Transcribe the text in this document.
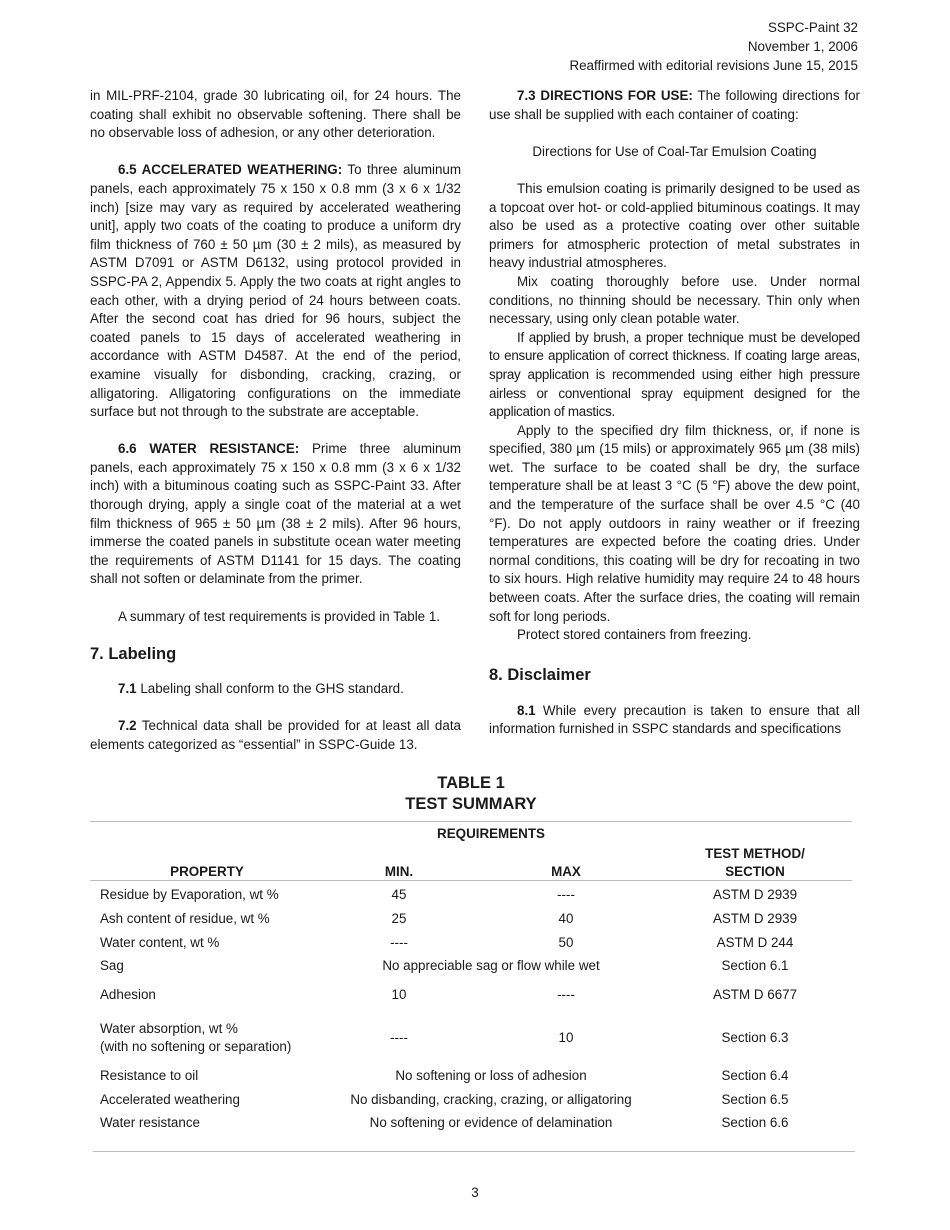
SSPC-Paint 32
November 1, 2006
Reaffirmed with editorial revisions June 15, 2015

in MIL-PRF-2104, grade 30 lubricating oil, for 24 hours. The coating shall exhibit no observable softening. There shall be no observable loss of adhesion, or any other deterioration.

6.5 ACCELERATED WEATHERING: To three aluminum panels, each approximately 75 x 150 x 0.8 mm (3 x 6 x 1/32 inch) [size may vary as required by accelerated weathering unit], apply two coats of the coating to produce a uniform dry film thickness of 760 ± 50 µm (30 ± 2 mils), as measured by ASTM D7091 or ASTM D6132, using protocol provided in SSPC-PA 2, Appendix 5. Apply the two coats at right angles to each other, with a drying period of 24 hours between coats. After the second coat has dried for 96 hours, subject the coated panels to 15 days of accelerated weathering in accordance with ASTM D4587. At the end of the period, examine visually for disbonding, cracking, crazing, or alligatoring. Alligatoring configurations on the immediate surface but not through to the substrate are acceptable.

6.6 WATER RESISTANCE: Prime three aluminum panels, each approximately 75 x 150 x 0.8 mm (3 x 6 x 1/32 inch) with a bituminous coating such as SSPC-Paint 33. After thorough drying, apply a single coat of the material at a wet film thickness of 965 ± 50 µm (38 ± 2 mils). After 96 hours, immerse the coated panels in substitute ocean water meeting the requirements of ASTM D1141 for 15 days. The coating shall not soften or delaminate from the primer.

A summary of test requirements is provided in Table 1.

7. Labeling

7.1 Labeling shall conform to the GHS standard.

7.2 Technical data shall be provided for at least all data elements categorized as “essential” in SSPC-Guide 13.

7.3 DIRECTIONS FOR USE: The following directions for use shall be supplied with each container of coating:

Directions for Use of Coal-Tar Emulsion Coating

This emulsion coating is primarily designed to be used as a topcoat over hot- or cold-applied bituminous coatings. It may also be used as a protective coating over other suitable primers for atmospheric protection of metal substrates in heavy industrial atmospheres.

Mix coating thoroughly before use. Under normal conditions, no thinning should be necessary. Thin only when necessary, using only clean potable water.

If applied by brush, a proper technique must be developed to ensure application of correct thickness. If coating large areas, spray application is recommended using either high pressure airless or conventional spray equipment designed for the application of mastics.

Apply to the specified dry film thickness, or, if none is specified, 380 µm (15 mils) or approximately 965 µm (38 mils) wet. The surface to be coated shall be dry, the surface temperature shall be at least 3 °C (5 °F) above the dew point, and the temperature of the surface shall be over 4.5 °C (40 °F). Do not apply outdoors in rainy weather or if freezing temperatures are expected before the coating dries. Under normal conditions, this coating will be dry for recoating in two to six hours. High relative humidity may require 24 to 48 hours between coats. After the surface dries, the coating will remain soft for long periods.

Protect stored containers from freezing.

8. Disclaimer

8.1 While every precaution is taken to ensure that all information furnished in SSPC standards and specifications

TABLE 1
TEST SUMMARY
	REQUIREMENTS		
PROPERTY	MIN.	MAX	TEST METHOD/
SECTION

Residue by Evaporation, wt %	45	----	ASTM D 2939
Ash content of residue, wt %	25	40	ASTM D 2939
Water content, wt %	----	50	ASTM D 244
Sag	No appreciable sag or flow while wet		Section 6.1
Adhesion	10	----	ASTM D 6677

Water absorption, wt %
(with no softening or separation)	----	10	Section 6.3
Resistance to oil	No softening or loss of adhesion		Section 6.4
Accelerated weathering	No disbanding, cracking, crazing, or alligatoring		Section 6.5
Water resistance	No softening or evidence of delamination		Section 6.6
3
